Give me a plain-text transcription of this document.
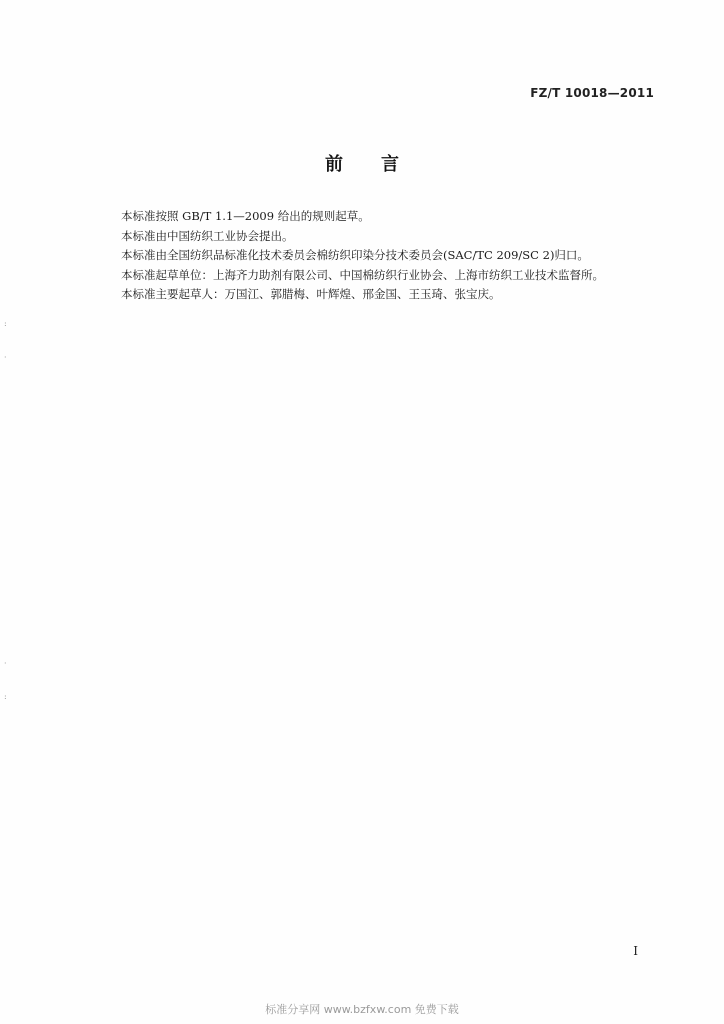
FZ/T 10018—2011
前言

本标准按照 GB/T 1.1—2009 给出的规则起草。

本标准由中国纺织工业协会提出。

本标准由全国纺织品标准化技术委员会棉纺织印染分技术委员会(SAC/TC 209/SC 2)归口。

本标准起草单位：上海齐力助剂有限公司、中国棉纺织行业协会、上海市纺织工业技术监督所。

本标准主要起草人：万国江、郭腊梅、叶辉煌、邢金国、王玉琦、张宝庆。

:
·
·
:
I
标准分享网 www.bzfxw.com 免费下载
